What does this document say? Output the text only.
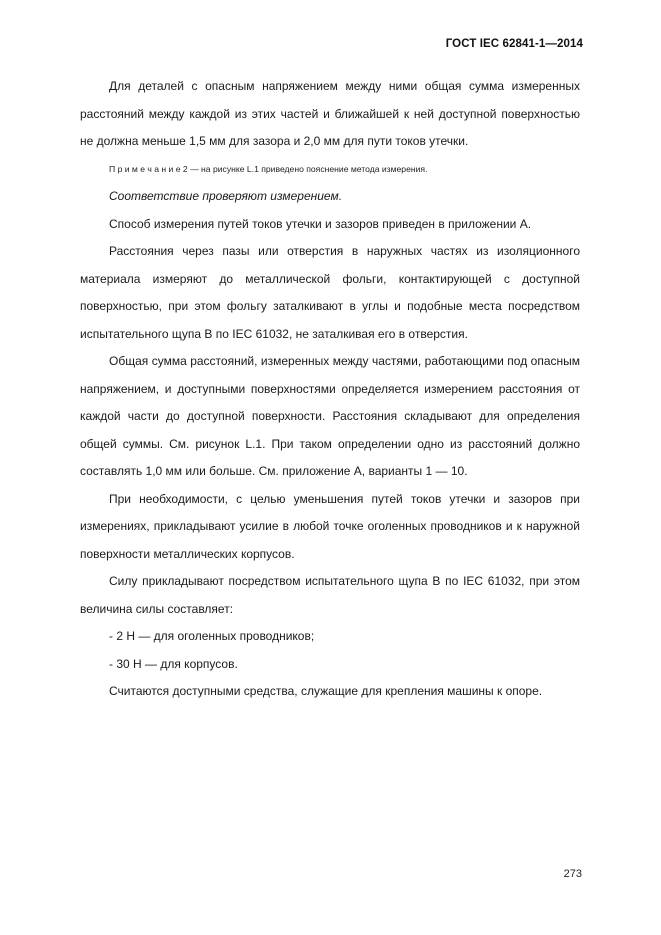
ГОСТ IEC 62841-1—2014

Для деталей с опасным напряжением между ними общая сумма измеренных расстояний между каждой из этих частей и ближайшей к ней доступной поверхностью не должна меньше 1,5 мм для зазора и 2,0 мм для пути токов утечки.

П р и м е ч а н и е 2 — на рисунке L.1 приведено пояснение метода измерения.

Соответствие проверяют измерением.

Способ измерения путей токов утечки и зазоров приведен в приложении А.

Расстояния через пазы или отверстия в наружных частях из изоляционного материала измеряют до металлической фольги, контактирующей с доступной поверхностью, при этом фольгу заталкивают в углы и подобные места посредством испытательного щупа В по IEC 61032, не заталкивая его в отверстия.

Общая сумма расстояний, измеренных между частями, работающими под опасным напряжением, и доступными поверхностями определяется измерением расстояния от каждой части до доступной поверхности. Расстояния складывают для определения общей суммы. См. рисунок L.1. При таком определении одно из расстояний должно составлять 1,0 мм или больше. См. приложение А, варианты 1 — 10.

При необходимости, с целью уменьшения путей токов утечки и зазоров при измерениях, прикладывают усилие в любой точке оголенных проводников и к наружной поверхности металлических корпусов.

Силу прикладывают посредством испытательного щупа В по IEC 61032, при этом величина силы составляет:

- 2 Н — для оголенных проводников;

- 30 Н — для корпусов.

Считаются доступными средства, служащие для крепления машины к опоре.

273
